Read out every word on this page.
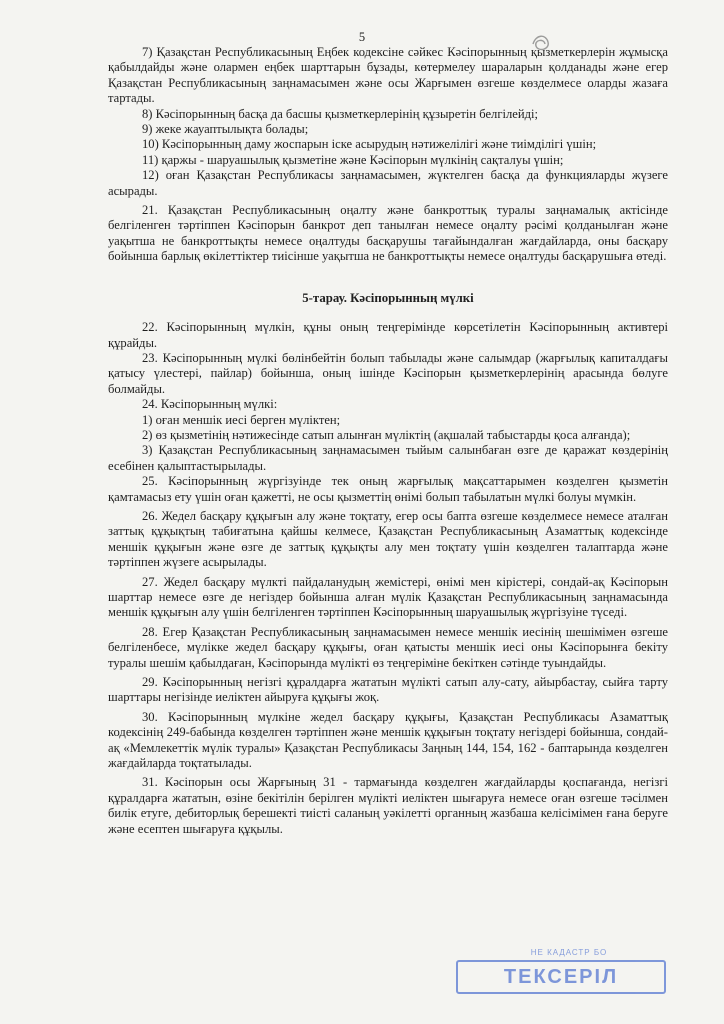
5

7) Қазақстан Республикасының Еңбек кодексіне сәйкес Кәсіпорынның қызметкерлерін жұмысқа қабылдайды және олармен еңбек шарттарын бұзады, көтермелеу шараларын қолданады және егер Қазақстан Республикасының заңнамасымен және осы Жарғымен өзгеше көзделмесе оларды жазаға тартады.

8) Кәсіпорынның басқа да басшы қызметкерлерінің құзыретін белгілейді;

9) жеке жауаптылықта болады;

10) Кәсіпорынның даму жоспарын іске асырудың нәтижелілігі және тиімділігі үшін;

11) қаржы - шаруашылық қызметіне және Кәсіпорын мүлкінің сақталуы үшін;

12) оған Қазақстан Республикасы заңнамасымен, жүктелген басқа да функцияларды жүзеге асырады.

21. Қазақстан Республикасының оңалту және банкроттық туралы заңнамалық актісінде белгіленген тәртіппен Кәсіпорын банкрот деп танылған немесе оңалту рәсімі қолданылған және уақытша не банкроттықты немесе оңалтуды басқарушы тағайындалған жағдайларда, оны басқару бойынша барлық өкілеттіктер тиісінше уақытша не банкроттықты немесе оңалтуды басқарушыға өтеді.

5-тарау. Кәсіпорынның мүлкі

22. Кәсіпорынның мүлкін, құны оның теңгерімінде көрсетілетін Кәсіпорынның активтері құрайды.

23. Кәсіпорынның мүлкі бөлінбейтін болып табылады және салымдар (жарғылық капиталдағы қатысу үлестері, пайлар) бойынша, оның ішінде Кәсіпорын қызметкерлерінің арасында бөлуге болмайды.

24. Кәсіпорынның мүлкі:

1) оған меншік иесі берген мүліктен;

2) өз қызметінің нәтижесінде сатып алынған мүліктің (ақшалай табыстарды қоса алғанда);

3) Қазақстан Республикасының заңнамасымен тыйым салынбаған өзге де қаражат көздерінің есебінен қалыптастырылады.

25. Кәсіпорынның жүргізуінде тек оның жарғылық мақсаттарымен көзделген қызметін қамтамасыз ету үшін оған қажетті, не осы қызметтің өнімі болып табылатын мүлкі болуы мүмкін.

26. Жедел басқару құқығын алу және тоқтату, егер осы бапта өзгеше көзделмесе немесе аталған заттық құқықтың табиғатына қайшы келмесе, Қазақстан Республикасының Азаматтық кодексінде меншік құқығын және өзге де заттық құқықты алу мен тоқтату үшін көзделген талаптарда және тәртіппен жүзеге асырылады.

27. Жедел басқару мүлкті пайдаланудың жемістері, өнімі мен кірістері, сондай-ақ Кәсіпорын шарттар немесе өзге де негіздер бойынша алған мүлік Қазақстан Республикасының заңнамасында меншік құқығын алу үшін белгіленген тәртіппен Кәсіпорынның шаруашылық жүргізуіне түседі.

28. Егер Қазақстан Республикасының заңнамасымен немесе меншік иесінің шешімімен өзгеше белгіленбесе, мүлікке жедел басқару құқығы, оған қатысты меншік иесі оны Кәсіпорынға бекіту туралы шешім қабылдаған, Кәсіпорында мүлікті өз теңгеріміне бекіткен сәтінде туындайды.

29. Кәсіпорынның негізгі құралдарға жататын мүлікті сатып алу-сату, айырбастау, сыйға тарту шарттары негізінде иеліктен айыруға құқығы жоқ.

30. Кәсіпорынның мүлкіне жедел басқару құқығы, Қазақстан Республикасы Азаматтық кодексінің 249-бабында көзделген тәртіппен және меншік құқығын тоқтату негіздері бойынша, сондай-ақ «Мемлекеттік мүлік туралы» Қазақстан Республикасы Заңның 144, 154, 162 - баптарында көзделген жағдайларда тоқтатылады.

31. Кәсіпорын осы Жарғының 31 - тармағында көзделген жағдайларды қоспағанда, негізгі құралдарға жататын, өзіне бекітілін берілген мүлікті иеліктен шығаруға немесе оған өзгеше тәсілмен билік етуге, дебиторлық берешекті тиісті саланың уәкілетті органның жазбаша келісімімен ғана беруге және есептен шығаруға құқылы.

НЕ КАДАСТР БО
ТЕКСЕРІЛ
